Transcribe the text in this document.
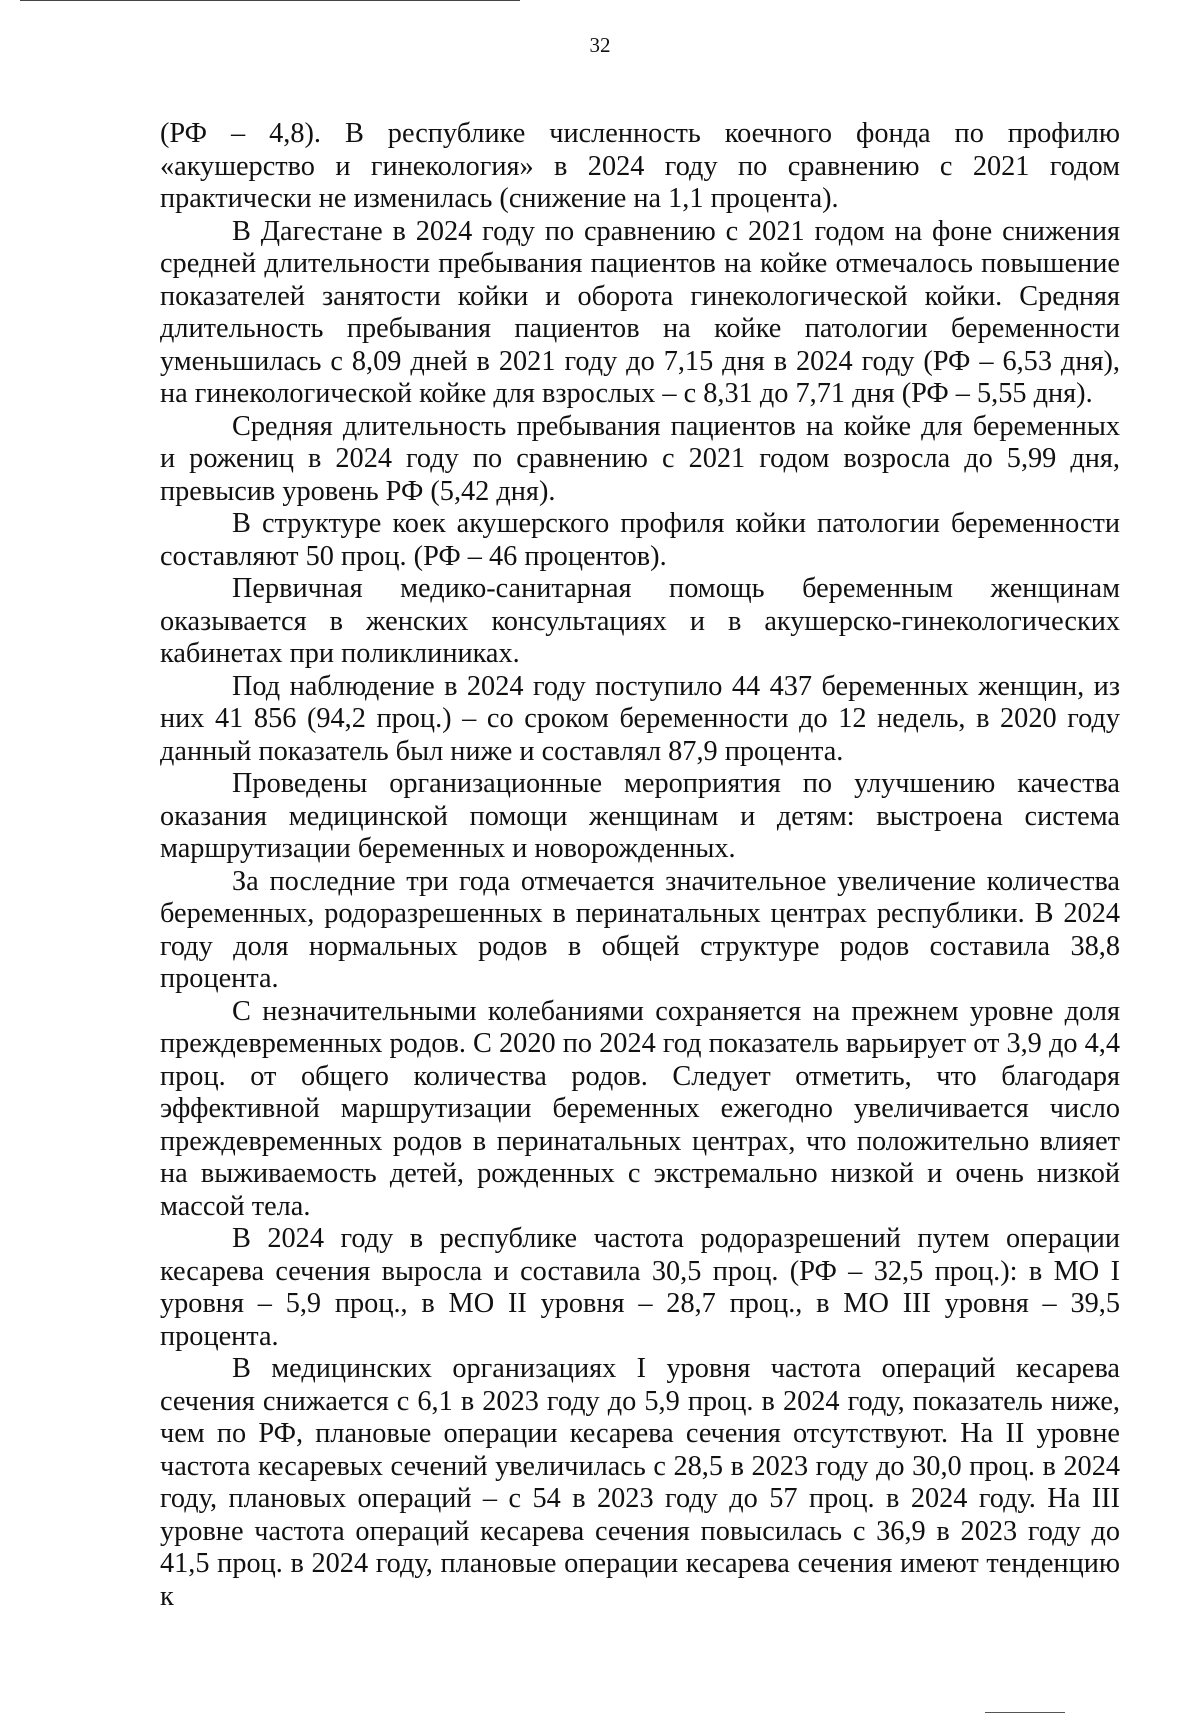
32

(РФ – 4,8). В республике численность коечного фонда по профилю «акушерство и гинекология» в 2024 году по сравнению с 2021 годом практически не изменилась (снижение на 1,1 процента).

В Дагестане в 2024 году по сравнению с 2021 годом на фоне снижения средней длительности пребывания пациентов на койке отмечалось повышение показателей занятости койки и оборота гинекологической койки. Средняя длительность пребывания пациентов на койке патологии беременности уменьшилась с 8,09 дней в 2021 году до 7,15 дня в 2024 году (РФ – 6,53 дня), на гинекологической койке для взрослых – с 8,31 до 7,71 дня (РФ – 5,55 дня).

Средняя длительность пребывания пациентов на койке для беременных и рожениц в 2024 году по сравнению с 2021 годом возросла до 5,99 дня, превысив уровень РФ (5,42 дня).

В структуре коек акушерского профиля койки патологии беременности составляют 50 проц. (РФ – 46 процентов).

Первичная медико-санитарная помощь беременным женщинам оказывается в женских консультациях и в акушерско-гинекологических кабинетах при поликлиниках.

Под наблюдение в 2024 году поступило 44 437 беременных женщин, из них 41 856 (94,2 проц.) – со сроком беременности до 12 недель, в 2020 году данный показатель был ниже и составлял 87,9 процента.

Проведены организационные мероприятия по улучшению качества оказания медицинской помощи женщинам и детям: выстроена система маршрутизации беременных и новорожденных.

За последние три года отмечается значительное увеличение количества беременных, родоразрешенных в перинатальных центрах республики. В 2024 году доля нормальных родов в общей структуре родов составила 38,8 процента.

С незначительными колебаниями сохраняется на прежнем уровне доля преждевременных родов. С 2020 по 2024 год показатель варьирует от 3,9 до 4,4 проц. от общего количества родов. Следует отметить, что благодаря эффективной маршрутизации беременных ежегодно увеличивается число преждевременных родов в перинатальных центрах, что положительно влияет на выживаемость детей, рожденных с экстремально низкой и очень низкой массой тела.

В 2024 году в республике частота родоразрешений путем операции кесарева сечения выросла и составила 30,5 проц. (РФ – 32,5 проц.): в МО I уровня – 5,9 проц., в МО II уровня – 28,7 проц., в МО III уровня – 39,5 процента.

В медицинских организациях I уровня частота операций кесарева сечения снижается с 6,1 в 2023 году до 5,9 проц. в 2024 году, показатель ниже, чем по РФ, плановые операции кесарева сечения отсутствуют. На II уровне частота кесаревых сечений увеличилась с 28,5 в 2023 году до 30,0 проц. в 2024 году, плановых операций – с 54 в 2023 году до 57 проц. в 2024 году. На III уровне частота операций кесарева сечения повысилась с 36,9 в 2023 году до 41,5 проц. в 2024 году, плановые операции кесарева сечения имеют тенденцию к
